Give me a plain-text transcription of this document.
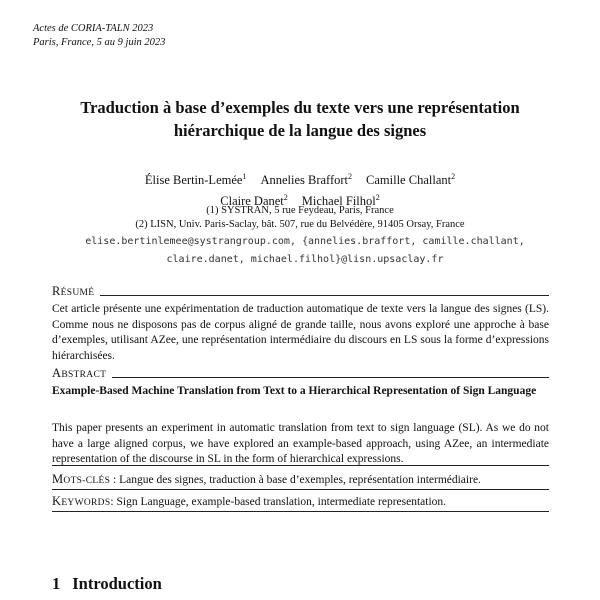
Actes de CORIA-TALN 2023
Paris, France, 5 au 9 juin 2023
Traduction à base d’exemples du texte vers une représentation
hiérarchique de la langue des signes
Élise Bertin-Lemée$^1$ Annelies Braffort$^2$ Camille Challant$^2$
Claire Danet$^2$ Michael Filhol$^2$
(1) SYSTRAN, 5 rue Feydeau, Paris, France
(2) LISN, Univ. Paris-Saclay, bât. 507, rue du Belvédère, 91405 Orsay, France
elise.bertinlemee@systrangroup.com, {annelies.braffort, camille.challant,
claire.danet, michael.filhol}@lisn.upsaclay.fr
RÉSUMÉ
Cet article présente une expérimentation de traduction automatique de texte vers la langue des signes (LS). Comme nous ne disposons pas de corpus aligné de grande taille, nous avons exploré une approche à base d’exemples, utilisant AZee, une représentation intermédiaire du discours en LS sous la forme d’expressions hiérarchisées.
ABSTRACT
Example-Based Machine Translation from Text to a Hierarchical Representation of Sign Language
This paper presents an experiment in automatic translation from text to sign language (SL). As we do not have a large aligned corpus, we have explored an example-based approach, using AZee, an intermediate representation of the discourse in SL in the form of hierarchical expressions.
MOTS-CLÉS : Langue des signes, traduction à base d’exemples, représentation intermédiaire.
KEYWORDS: Sign Language, example-based translation, intermediate representation.
1 Introduction
